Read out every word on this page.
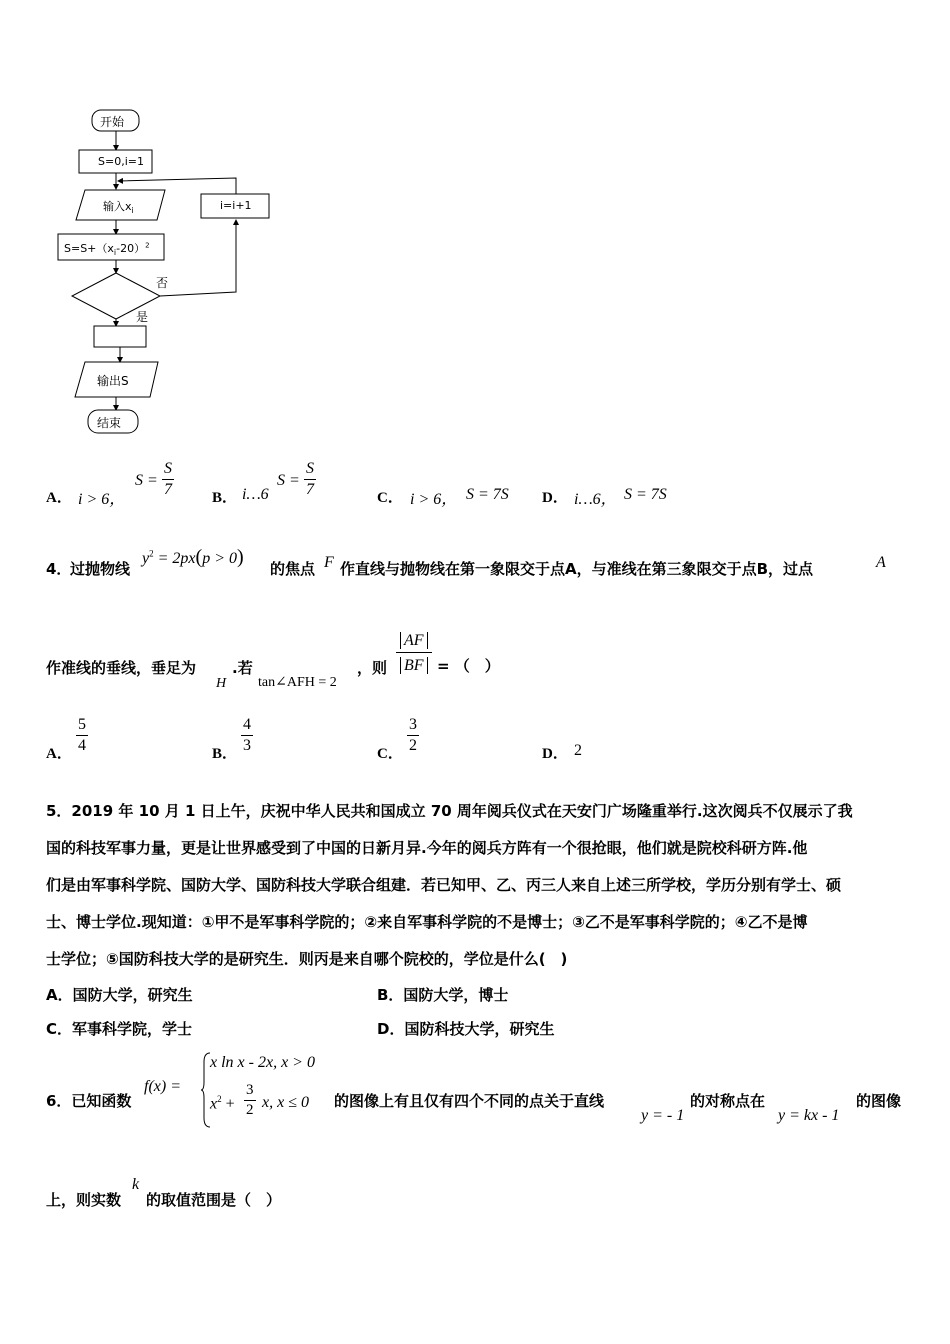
开始
S=0,i=1
输入$x_i$
$S=S+(x_i-20)^2$
i=i+1
否
是
输出S
结束
A． i > 6，
$S = \frac{S}{7}$	B． i…6
$S = \frac{S}{7}$	C． i > 6， S = 7S D． i…6， S = 7S
4．
过抛物线
$y^2 = 2px(p > 0)$
的焦点 F 作直线与抛物线在第一象限交于点A，与准线在第三象限交于点B，过点	A
作准线的垂线，垂足为
H
.若
tan∠AFH = 2
，则
AF
BF = （　）
A． $\frac{5}{4}$	B． $\frac{4}{3}$	C． $\frac{3}{2}$	D． 2
5．2019 年 10 月 1 日上午，庆祝中华人民共和国成立 70 周年阅兵仪式在天安门广场隆重举行.这次阅兵不仅展示了我
国的科技军事力量，更是让世界感受到了中国的日新月异.今年的阅兵方阵有一个很抢眼，他们就是院校科研方阵.他
们是由军事科学院、国防大学、国防科技大学联合组建．若已知甲、乙、丙三人来自上述三所学校，学历分别有学士、硕
士、博士学位.现知道：①甲不是军事科学院的；②来自军事科学院的不是博士；③乙不是军事科学院的；④乙不是博
士学位；⑤国防科技大学的是研究生．则丙是来自哪个院校的，学位是什么(　)
A．国防大学，研究生	B．国防大学，博士
C．军事科学院，学士	D．国防科技大学，研究生
6．已知函数
f(x) =
x ln x - 2x, x > 0
$x^2 + \frac{3}{2} x$, x ≤ 0 的图像上有且仅有四个不同的点关于直线
y = - 1
的对称点在
y = kx - 1
的图像
上，则实数
k
的取值范围是（　）
